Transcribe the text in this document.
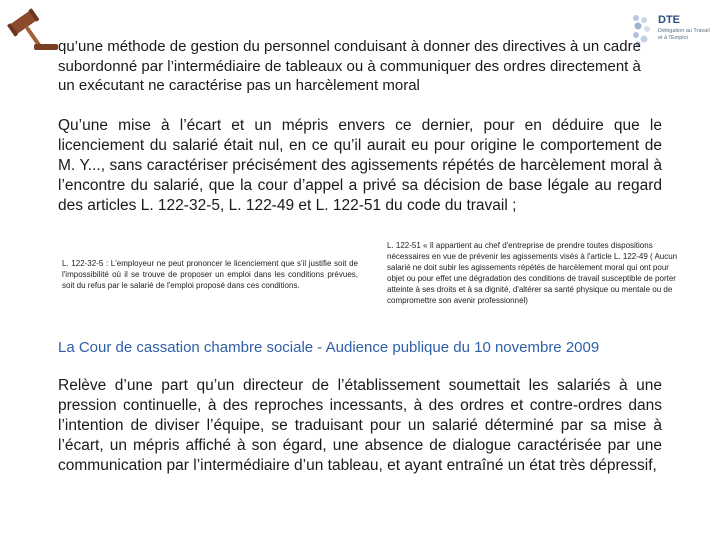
DTE
Délégation au Travail et à l'Emploi
qu’une méthode de gestion du personnel conduisant à donner des directives à un cadre subordonné par l’intermédiaire de tableaux ou à communiquer des ordres directement à un exécutant ne caractérise pas un harcèlement moral
Qu’une mise à l’écart et un mépris envers ce dernier, pour en déduire que le licenciement du salarié était nul, en ce qu’il aurait eu pour origine le comportement de M. Y..., sans caractériser précisément des agissements répétés de harcèlement moral à l’encontre du salarié, que la cour d’appel a privé sa décision de base légale au regard des articles L. 122-32-5, L. 122-49 et L. 122-51 du code du travail ;
L. 122-32-5 : L'employeur ne peut prononcer le licenciement que s'il justifie soit de l'impossibilité où il se trouve de proposer un emploi dans les conditions prévues, soit du refus par le salarié de l'emploi proposé dans ces conditions.
L. 122-51 « Il appartient au chef d'entreprise de prendre toutes dispositions nécessaires en vue de prévenir les agissements visés à l'article L. 122-49 ( Aucun salarié ne doit subir les agissements répétés de harcèlement moral qui ont pour objet ou pour effet une dégradation des conditions de travail susceptible de porter atteinte à ses droits et à sa dignité, d'altérer sa santé physique ou mentale ou de compromettre son avenir professionnel)
La Cour de cassation chambre sociale - Audience publique du 10 novembre 2009
Relève d’une part qu’un directeur de l’établissement soumettait les salariés à une pression continuelle, à des reproches incessants, à des ordres et contre-ordres dans l’intention de diviser l’équipe, se traduisant pour un salarié déterminé par sa mise à l’écart, un mépris affiché à son égard, une absence de dialogue caractérisée par une communication par l’intermédiaire d’un tableau, et ayant entraîné un état très dépressif,
